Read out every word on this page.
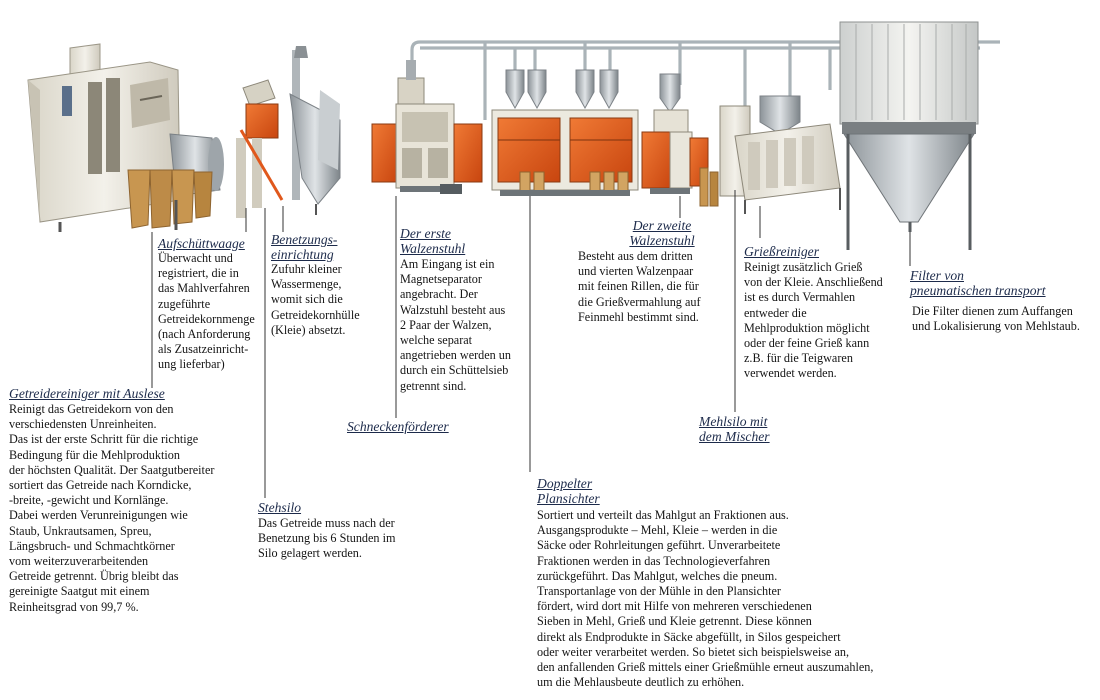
Aufschüttwaage
Überwacht und
registriert, die in
das Mahlverfahren
zugeführte
Getreidekornmenge
(nach Anforderung
als Zusatzeinricht-
ung lieferbar)
Benetzungs-
einrichtung
Zufuhr kleiner
Wassermenge,
womit sich die
Getreidekornhülle
(Kleie) absetzt.
Der erste
Walzenstuhl
Am Eingang ist ein
Magnetseparator
angebracht. Der
Walzstuhl besteht aus
2 Paar der Walzen,
welche separat
angetrieben werden un
durch ein Schüttelsieb
getrennt sind.
Der zweite
Walzenstuhl
Besteht aus dem dritten
und vierten Walzenpaar
mit feinen Rillen, die für
die Grießvermahlung auf
Feinmehl bestimmt sind.
Grießreiniger
Reinigt zusätzlich Grieß
von der Kleie. Anschließend
ist es durch Vermahlen
entweder die
Mehlproduktion möglicht
oder der feine Grieß kann
z.B. für die Teigwaren
verwendet werden.
Filter von
pneumatischen transport
Die Filter dienen zum Auffangen
und Lokalisierung von Mehlstaub.
Schneckenförderer	Mehlsilo mit
dem Mischer
Getreidereiniger mit Auslese
Reinigt das Getreidekorn von den
verschiedensten Unreinheiten.
Das ist der erste Schritt für die richtige
Bedingung für die Mehlproduktion
der höchsten Qualität. Der Saatgutbereiter
sortiert das Getreide nach Korndicke,
-breite, -gewicht und Kornlänge.
Dabei werden Verunreinigungen wie
Staub, Unkrautsamen, Spreu,
Längsbruch- und Schmachtkörner
vom weiterzuverarbeitenden
Getreide getrennt. Übrig bleibt das
gereinigte Saatgut mit einem
Reinheitsgrad von 99,7 %.
Stehsilo
Das Getreide muss nach der
Benetzung bis 6 Stunden im
Silo gelagert werden.
Doppelter
Plansichter
Sortiert und verteilt das Mahlgut an Fraktionen aus.
Ausgangsprodukte – Mehl, Kleie – werden in die
Säcke oder Rohrleitungen geführt. Unverarbeitete
Fraktionen werden in das Technologieverfahren
zurückgeführt. Das Mahlgut, welches die pneum.
Transportanlage von der Mühle in den Plansichter
fördert, wird dort mit Hilfe von mehreren verschiedenen
Sieben in Mehl, Grieß und Kleie getrennt. Diese können
direkt als Endprodukte in Säcke abgefüllt, in Silos gespeichert
oder weiter verarbeitet werden. So bietet sich beispielsweise an,
den anfallenden Grieß mittels einer Grießmühle erneut auszumahlen,
um die Mehlausbeute deutlich zu erhöhen.
